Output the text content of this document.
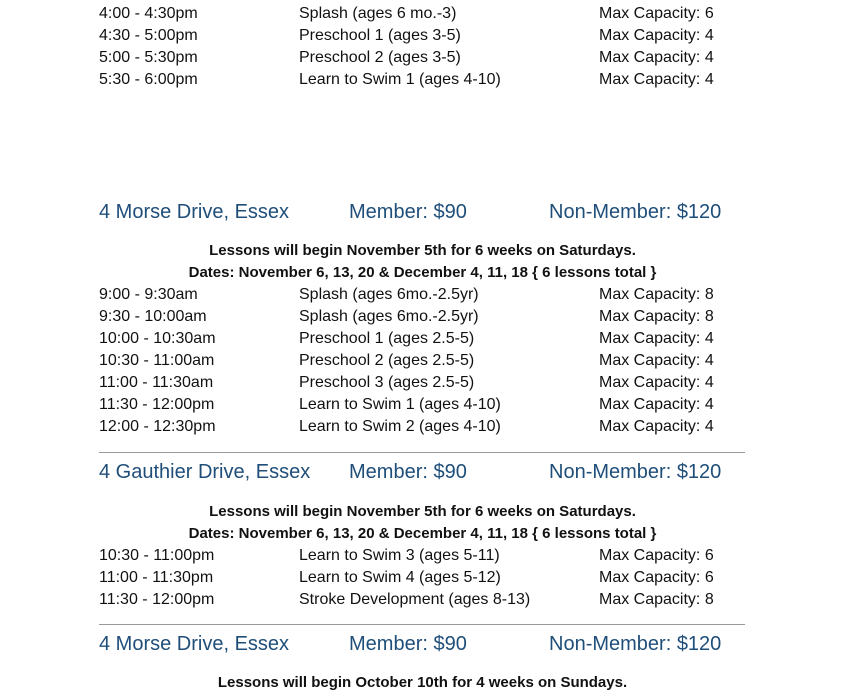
4:00 - 4:30pm	Splash (ages 6 mo.-3)	Max Capacity: 6
4:30 - 5:00pm	Preschool 1 (ages 3-5)	Max Capacity: 4
5:00 - 5:30pm	Preschool 2 (ages 3-5)	Max Capacity: 4
5:30 - 6:00pm	Learn to Swim 1 (ages 4-10)	Max Capacity: 4
4 Morse Drive, Essex	Member: $90	Non-Member: $120
Lessons will begin November 5th for 6 weeks on Saturdays.
Dates: November 6, 13, 20 & December 4, 11, 18 { 6 lessons total }
9:00 - 9:30am	Splash (ages 6mo.-2.5yr)	Max Capacity: 8
9:30 - 10:00am	Splash (ages 6mo.-2.5yr)	Max Capacity: 8
10:00 - 10:30am	Preschool 1 (ages 2.5-5)	Max Capacity: 4
10:30 - 11:00am	Preschool 2 (ages 2.5-5)	Max Capacity: 4
11:00 - 11:30am	Preschool 3 (ages 2.5-5)	Max Capacity: 4
11:30 - 12:00pm	Learn to Swim 1 (ages 4-10)	Max Capacity: 4
12:00 - 12:30pm	Learn to Swim 2 (ages 4-10)	Max Capacity: 4
4 Gauthier Drive, Essex Member: $90	Non-Member: $120
Lessons will begin November 5th for 6 weeks on Saturdays.
Dates: November 6, 13, 20 & December 4, 11, 18 { 6 lessons total }
10:30 - 11:00pm	Learn to Swim 3 (ages 5-11)	Max Capacity: 6
11:00 - 11:30pm	Learn to Swim 4 (ages 5-12)	Max Capacity: 6
11:30 - 12:00pm	Stroke Development (ages 8-13)	Max Capacity: 8
4 Morse Drive, Essex	Member: $90	Non-Member: $120
Lessons will begin October 10th for 4 weeks on Sundays.
